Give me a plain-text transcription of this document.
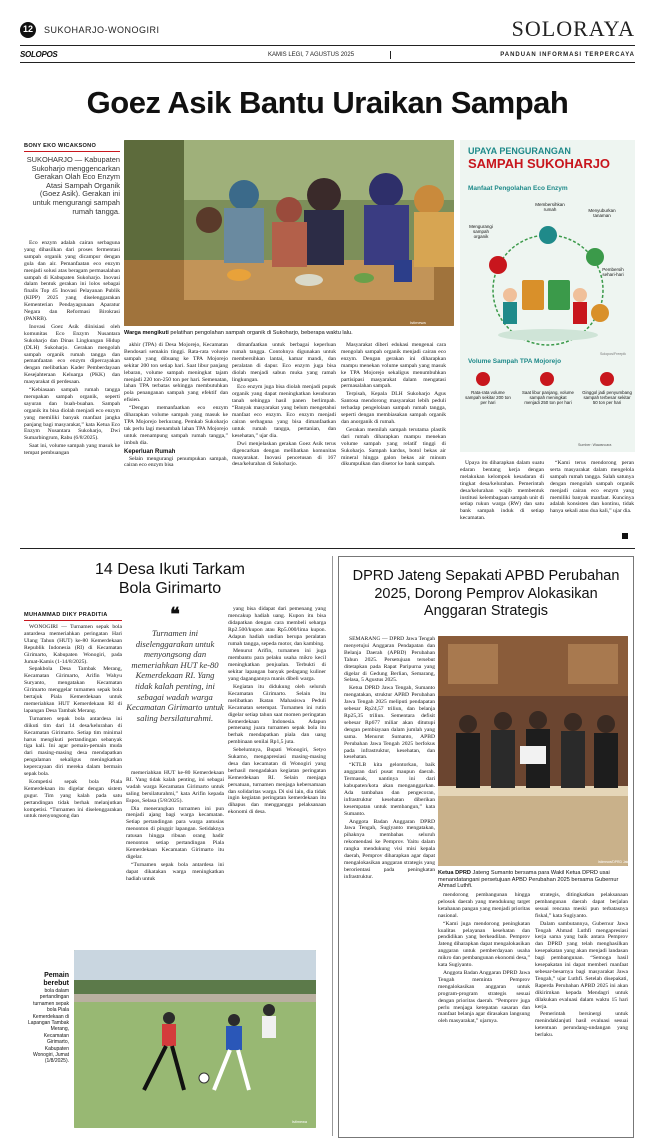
12	SUKOHARJO-WONOGIRI	SOLORAYA
SOLOPOS	KAMIS LEGI, 7 AGUSTUS 2025	PANDUAN INFORMASI TERPERCAYA
Goez Asik Bantu Uraikan Sampah
BONY EKO WICAKSONO
SUKOHARJO — Kabupaten Sukoharjo menggencarkan Gerakan Olah Eco Enzym Atasi Sampah Organik (Goez Asik). Gerakan ini untuk mengurangi sampah rumah tangga.

Eco enzym adalah cairan serbaguna yang dihasilkan dari proses fermentasi sampah organik yang dicampur dengan gula dan air. Pemanfaatan eco enzym menjadi solusi atas beragam permasalahan sampah di Kabupaten Sukoharjo. Inovasi dalam bentuk gerakan ini lolos sebagai finalis Top 45 Inovasi Pelayanan Publik (KIPP) 2025 yang diselenggarakan Kementerian Pendayagunaan Aparatur Negara dan Reformasi Birokrasi (PANRB).

Inovasi Goez Asik diinisiasi oleh komunitas Eco Enzym Nusantara Sukoharjo dan Dinas Lingkungan Hidup (DLH) Sukoharjo. Gerakan mengolah sampah organik rumah tangga dan pemanfaatan eco enzym dipercayakan dengan melibatkan Kader Pemberdayaan Kesejahteraan Keluarga (PKK) dan masyarakat di perdesaan.

“Kebiasaan sampah rumah tangga merupakan sampah organik, seperti sayuran dan buah-buahan. Sampah organik itu bisa diolah menjadi eco enzym yang memiliki banyak manfaat jangka panjang bagi masyarakat,” kata Ketua Eco Enzym Nusantara Sukoharjo, Dwi Sumarbingrum, Rabu (6/8/2025).

Saat ini, volume sampah yang masuk ke tempat pembuangan

Istimewa
Warga mengikuti pelatihan pengolahan sampah organik di Sukoharjo, beberapa waktu lalu.

akhir (TPA) di Desa Mojorejo, Kecamatan Bendosari semakin tinggi. Rata-rata volume sampah yang dibuang ke TPA Mojorejo sekitar 200 ton setiap hari. Saat libur panjang lebaran, volume sampah meningkat tajam menjadi 220 ton-250 ton per hari. Semenatan, lahan TPA terbatas sehingga membutuhkan pola penanganan sampah yang efektif dan efisien.

“Dengan memanfaatkan eco enzym diharapkan volume sampah yang masuk ke TPA Mojorejo berkurang. Pemkab Sukoharjo tak perlu lagi menambah lahan TPA Mojorejo untuk menampung sampah rumah tangga,” imbuh dia.

Keperluan Rumah

Selain mengurangi penumpukan sampah, cairan eco enzym bisa

dimanfaatkan untuk berbagai keperluan rumah tangga. Contohnya digunakan untuk membersihkan lantai, kamar mandi, dan peralatan di dapur. Eco enzym juga bisa diolah menjadi sabun muka yang ramah lingkungan.

Eco enzym juga bisa diolah menjadi pupuk organik yang dapat meningkatkan kesuburan tanah sehingga hasil panen berlimpah. “Banyak masyarakat yang belum mengetahui manfaat eco enzym. Eco enzym menjadi cairan serbaguna yang bisa dimanfaatkan untuk rumah tangga, pertanian, dan kesehatan,” ujar dia.

Dwi menjelaskan gerakan Goez Asik terus digencarkan dengan melibatkan komunitas masyarakat. Inovasi pencetusan di 167 desa/kelurahan di Sukoharjo.

Masyarakat diberi edukasi mengenai cara mengolah sampah organik menjadi cairan eco enzym. Dengan gerakan ini diharapkan mampu menekan volume sampah yang masuk ke TPA Mojorejo sekaligus menumbuhkan partisipasi masyarakat dalam mengatasi permasalahan sampah.

Terpisah, Kepala DLH Sukoharjo Agus Santosa mendorong masyarakat lebih peduli terhadap pengelolaan sampah rumah tangga, seperti dengan membiasakan sampah organik dan anorganik di rumah.

Gerakan memilah sampah terutama plastik dari rumah diharapkan mampu menekan volume sampah yang relatif tinggi di Sukoharjo. Sampah kardus, botol bekas air mineral hingga galon bekas air minum dikumpulkan dan disetor ke bank sampah.

UPAYA PENGURANGAN
SAMPAH SUKOHARJO
Manfaat Pengolahan Eco Enzym
Membersihkan rumah	Menyuburkan tanaman
Mengurangi sampah organik
Pembersih sehari-hari
Solopos/Freepik
Volume Sampah TPA Mojorejo
Rata-rata volume sampah sekitar 200 ton per hari
Saat libur panjang, volume sampah meningkat menjadi 250 ton per hari
Ginggol jadi penyumbang sampah terbesar sekitar 50 ton per hari
Sumber: Wawancara

Upaya itu diharapkan dalam suatu edaran bentang kerja dengan melakukan kelompok kesadaran di tingkat desa/kelurahan. Pemerintah desa/kelurahan wajib membentuk institusi kelembagaan sampah unit di setiap rukun warga (RW) dan satu bank sampah induk di setiap kecamatan.

“Kami terus mendorong peran serta masyarakat dalam mengelola sampah rumah tangga. Salah satunya dengan mengolah sampah organik menjadi cairan eco enzym yang memiliki banyak manfaat. Kuncinya adalah konsisten dan kontinu, tidak hanya sekali atau dua kali,” ujar dia.

14 Desa Ikuti Tarkam
Bola Girimarto
MUHAMMAD DIKY PRADITIA

WONOGIRI — Turnamen sepak bola antardesa memeriahkan peringatan Hari Ulang Tahun (HUT) ke-80 Kemerdekaan Republik Indonesia (RI) di Kecamatan Girimarto, Kabupaten Wonogiri, pada Jumat-Kamis (1-14/8/2025).

Sepakbola Desa Tambak Merang, Kecamatan Girimarto, Arifin Wahyu Suryanto, mengatakan Kecamatan Girimarto menggelar turnamen sepak bola bertajuk Piala Kemerdekaan untuk memeriahkan HUT Kemerdekaan RI di lapangan Desa Tambak Merang.

Turnamen sepak bola antardesa ini diikuti tim dari 14 desa/kelurahan di Kecamatan Girimarto. Setiap tim minimal harus mengikuti pertandingan sebanyak tiga kali. Ini agar pemain-pemain muda dari masing-masing desa mendapatkan pengalaman sekaligus meningkatkan kepercayaan diri mereka dalam bermain sepak bola.

Kompetisi sepak bola Piala Kemerdekaan itu digelar dengan sistem gugur. Tim yang kalah pada satu pertandingan tidak berhak melanjutkan kompetisi. “Turnamen ini diselenggarakan untuk menyongsong dan

❝
Turnamen ini diselenggarakan untuk menyongsong dan memeriahkan HUT ke-80 Kemerdekaan RI. Yang tidak kalah penting, ini sebagai wadah warga Kecamatan Girimarto untuk saling bersilaturahmi.

memeriahkan HUT ke-80 Kemerdekaan RI. Yang tidak kalah penting, ini sebagai wadah warga Kecamatan Girimarto untuk saling bersilaturahmi,” kata Arifin kepada Espos, Selasa (5/8/2025).

Dia menerangkan turnamen ini pun menjadi ajang bagi warga kecamatan. Setiap pertandingan para warga antusias menonton di pinggir lapangan. Setidaknya ratusan hingga ribuan orang hadir menonton setiap pertandingan Piala Kemerdekaan Kecamatan Girimarto itu digelar.

“Turnamen sepak bola antardesa ini dapat dikatakan warga meningkatkan hadiah untuk

yang bisa didapat dari pemenang yang mencakup hadiah uang. Kupon itu bisa didapatkan dengan cara membeli seharga Rp2.500/kupon atau Rp5.000/lima kupon. Adapun hadiah undian berupa peralatan rumah tangga, sepeda motor, dan kambing.

Menurut Arifin, turnamen ini juga membantu para pelaku usaha mikro kecil meningkatkan penjualan. Terbukti di sekitar lapangan banyak pedagang kuliner yang dagangannya manis dibeli warga.

Kegiatan itu didukung oleh seluruh Kecamatan Girimarto. Selain itu melibatkan Ikatan Mahasiswa Peduli Kecamatan setempat. Turnamen ini rutin digelar setiap tahun saat momen peringatan Kemerdekaan Indonesia. Adapun pemenang juara turnamen sepak bola itu berhak mendapatkan piala dan uang pembinaan senilai Rp1,5 juta.

Sebelumnya, Bupati Wonogiri, Setyo Sukarno, mengapresiasi masing-masing desa dan kecamatan di Wonogiri yang berhasil mengadakan kegiatan peringatan Kemerdekaan RI. Selain menjaga persatuan, turnamen menjaga kebersamaan dan solidaritas warga. Di sisi lain, dia tidak ingin kegiatan peringatan kemerdekaan itu dihapus dan mengganggu pelaksanaan ekonomi di desa.

Pemain berebut
bola dalam pertandingan turnamen sepak bola Piala Kemerdekaan di Lapangan Tambak Merang, Kecamatan Girimarto, Kabupaten Wonogiri, Jumat (1/8/2025).
Istimewa
DPRD Jateng Sepakati APBD Perubahan
2025, Dorong Pemprov Alokasikan
Anggaran Strategis

SEMARANG — DPRD Jawa Tengah menyetujui Anggaran Pendapatan dan Belanja Daerah (APBD) Perubahan Tahun 2025. Persetujuan tersebut ditetapkan pada Rapat Paripurna yang digelar di Gedung Berlian, Semarang, Selasa, 5 Agustus 2025.

Ketua DPRD Jawa Tengah, Sumanto mengatakan, struktur APBD Perubahan Jawa Tengah 2025 meliputi pendapatan sebesar Rp24,57 triliun, dan belanja Rp25,35 triliun. Sementara defisit sebesar Rp677 miliar akan ditutupi dengan pembiayaan dalam jumlah yang sama. Menurut Sumanto, APBD Perubahan Jawa Tengah 2025 berfokus pada infrastruktur, kesehatan, dan kesehatan.

“KTLB kita gelontorkan, baik anggaran dari pusat maupun daerah. Termasuk, nantinya ini dari kabupaten/kota akan menganggarkan. Ada tambahan dan pengecoran, infrastruktur kesehatan diberikan kesempatan untuk membangun,” kata Sumanto.

Anggota Badan Anggaran DPRD Jawa Tengah, Sugiyanto mengatakan, pihaknya membahas seluruh rekomendasi ke Pemprov. Yaitu dalam rangka mendukung visi misi kepala daerah, Pemprov diharapkan agar dapat mengalokasikan anggaran strategis yang berorientasi pada peningkatan infrastruktur.

Istimewa/DPRD Jateng
Ketua DPRD Jateng Sumanto bersama para Wakil Ketua DPRD usai menandatangani persetujuan APBD Perubahan 2025 bersama Gubernur Ahmad Luthfi.

mendorong pembangunan hingga pelosok daerah yang mendukung target ketahanan pangan yang menjadi prioritas nasional.

“Kami juga mendorong peningkatan kualitas pelayanan kesehatan dan pendidikan yang berkeadilan. Pemprov Jateng diharapkan dapat mengalokasikan anggaran untuk pemberdayaan usaha mikro dan pembangunan ekonomi desa,” kata Sugiyanto.

Anggota Badan Anggaran DPRD Jawa Tengah meminta Pemprov mengalokasikan anggaran untuk program-program strategis sesuai dengan prioritas daerah. “Pemprov juga perlu menjaga ketepatan sasaran dan manfaat belanja agar dirasakan langsung oleh masyarakat,” ujarnya.

strategis, ditingkatkan pelaksanaan pembangunan daerah dapat berjalan sesuai rencana meski pun terbatasnya fiskal,” kata Sugiyanto.

Dalam sambutannya, Gubernur Jawa Tengah Ahmad Luthfi mengapresiasi kerja sama yang baik antara Pemprov dan DPRD yang telah menghasilkan kesepakatan yang akan menjadi landasan bagi pembangunan. “Semoga hasil kesepakatan ini dapat memberi manfaat sebesar-besarnya bagi masyarakat Jawa Tengah,” ujar Luthfi. Setelah disepakati, Raperda Perubahan APBD 2025 ini akan dikirimkan kepada Mendagri untuk dilakukan evaluasi dalam waktu 15 hari kerja.

Pemerintah bersinergi untuk menindaklanjuti hasil evaluasi sesuai ketentuan perundang-undangan yang berlaku.
